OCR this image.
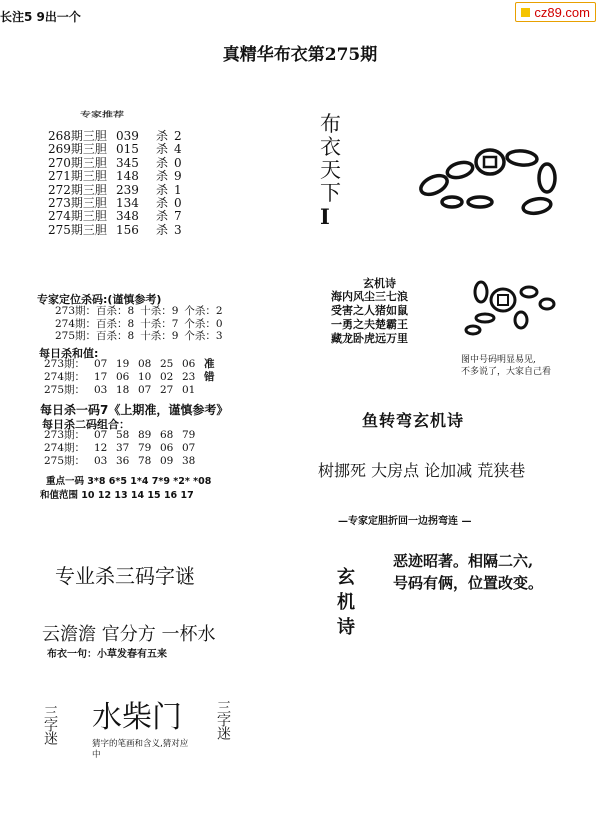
cz89.com
长注5 9出一个
真精华布衣第275期
专家推荐
268期三胆 039	杀 2
269期三胆 015	杀 4
270期三胆 345	杀 0
271期三胆 148	杀 9
272期三胆 239	杀 1
273期三胆 134	杀 0
274期三胆 348	杀 7
275期三胆 156	杀 3
专家定位杀码:(谨慎参考)
273期：百杀：8 十杀：9 个杀：2
274期：百杀：8 十杀：7 个杀：0
275期：百杀：8 十杀：9 个杀：3
每日杀和值:
273期： 07 19 08 25 06 准
274期： 17 06 10 02 23 错
275期： 03 18 07 27 01
每日杀一码7《上期准，谨慎参考》
每日杀二码组合：
273期： 07 58 89 68 79
274期： 12 37 79 06 07
275期： 03 36 78 09 38
重点一码 3*8 6*5 1*4 7*9 *2* *08
和值范围 10 12 13 14 15 16 17
专业杀三码字谜
云澹澹 官分方 一杯水
布衣一句：小草发春有五来
三字迷 水柴门 三字迷
猜字的笔画和含义,猜对应中
布
衣
天
下
I
玄机诗
海内风尘三七浪
受害之人猪如鼠
一勇之夫楚霸王
藏龙卧虎远万里
图中号码明显易见,
不多说了，大家自己看
鱼转弯玄机诗
树挪死 大房点 论加减 荒狭巷
—专家定胆折回一边拐弯连 —
玄
机
诗
恶迹昭著。相隔二六,
号码有俩，位置改变。
